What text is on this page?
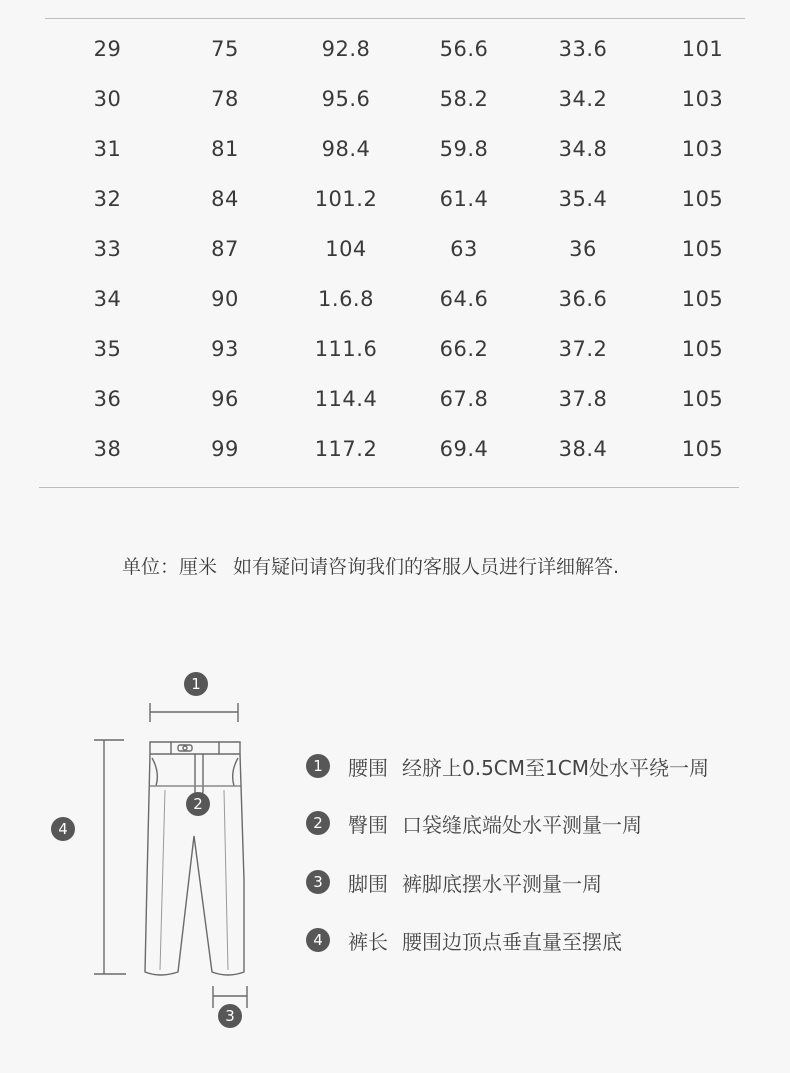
29	75	92.8	56.6	33.6	101
30	78	95.6	58.2	34.2	103
31	81	98.4	59.8	34.8	103
32	84	101.2	61.4	35.4	105
33	87	104	63	36	105
34	90	1.6.8	64.6	36.6	105
35	93	111.6	66.2	37.2	105
36	96	114.4	67.8	37.8	105
38	99	117.2	69.4	38.4	105
单位：厘米 如有疑问请咨询我们的客服人员进行详细解答.
1
2
3
4
1	腰围 经脐上0.5CM至1CM处水平绕一周
2	臀围 口袋缝底端处水平测量一周
3	脚围 裤脚底摆水平测量一周
4	裤长 腰围边顶点垂直量至摆底
